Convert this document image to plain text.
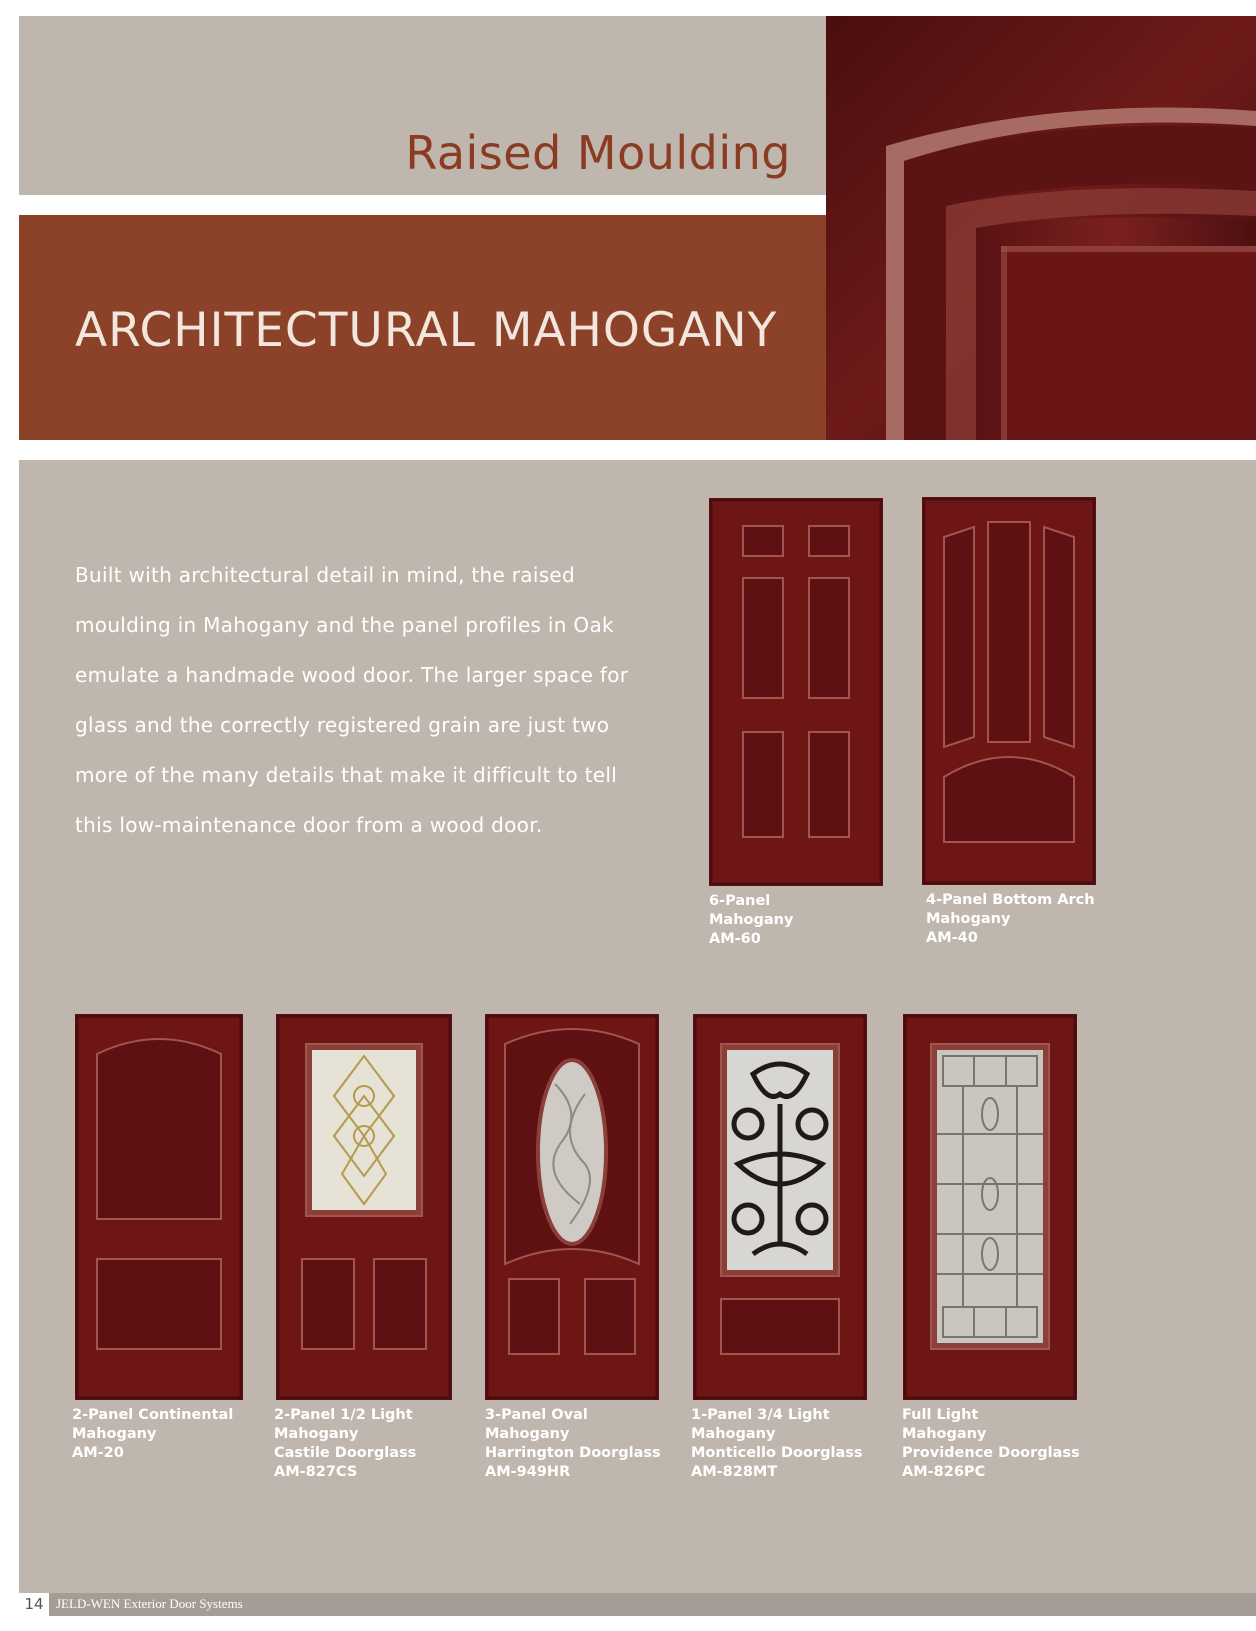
Raised Moulding
ARCHITECTURAL MAHOGANY

Built with architectural detail in mind, the raised moulding in Mahogany and the panel profiles in Oak emulate a handmade wood door. The larger space for glass and the correctly registered grain are just two more of the many details that make it difficult to tell this low-maintenance door from a wood door.

6-Panel
Mahogany
AM-60
4-Panel Bottom Arch
Mahogany
AM-40
2-Panel Continental
Mahogany
AM-20
2-Panel 1/2 Light
Mahogany
Castile Doorglass
AM-827CS
3-Panel Oval
Mahogany
Harrington Doorglass
AM-949HR
1-Panel 3/4 Light
Mahogany
Monticello Doorglass
AM-828MT
Full Light
Mahogany
Providence Doorglass
AM-826PC
14 JELD-WEN Exterior Door Systems
